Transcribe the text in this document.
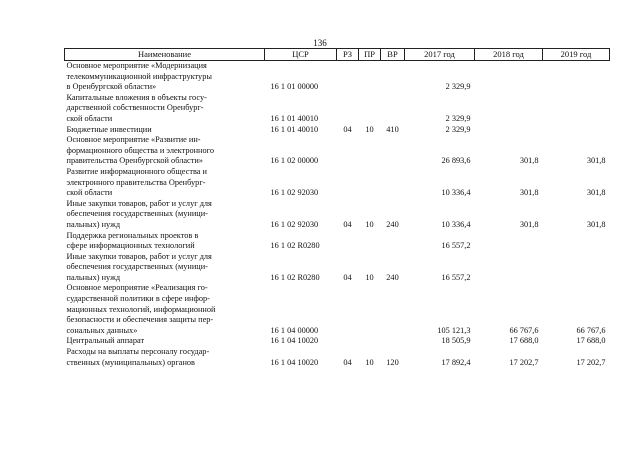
136
Наименование	ЦСР	РЗ	ПР	ВР	2017 год	2018 год	2019 год
Основное мероприятие «Модернизация
телекоммуникационной инфраструктуры
в Оренбургской области»	16 1 01 00000				2 329,9		
Капитальные вложения в объекты госу-
дарственной собственности Оренбург-
ской области	16 1 01 40010				2 329,9		
Бюджетные инвестиции	16 1 01 40010	04	10	410	2 329,9		
Основное мероприятие «Развитие ин-
формационного общества и электронного
правительства Оренбургской области»	16 1 02 00000				26 893,6	301,8	301,8
Развитие информационного общества и
электронного правительства Оренбург-
ской области	16 1 02 92030				10 336,4	301,8	301,8
Иные закупки товаров, работ и услуг для
обеспечения государственных (муници-
пальных) нужд	16 1 02 92030	04	10	240	10 336,4	301,8	301,8
Поддержка региональных проектов в
сфере информационных технологий	16 1 02 R0280				16 557,2		
Иные закупки товаров, работ и услуг для
обеспечения государственных (муници-
пальных) нужд	16 1 02 R0280	04	10	240	16 557,2		
Основное мероприятие «Реализация го-
сударственной политики в сфере инфор-
мационных технологий, информационной
безопасности и обеспечения защиты пер-
сональных данных»	16 1 04 00000				105 121,3	66 767,6	66 767,6
Центральный аппарат	16 1 04 10020				18 505,9	17 688,0	17 688,0
Расходы на выплаты персоналу государ-
ственных (муниципальных) органов	16 1 04 10020	04	10	120	17 892,4	17 202,7	17 202,7
